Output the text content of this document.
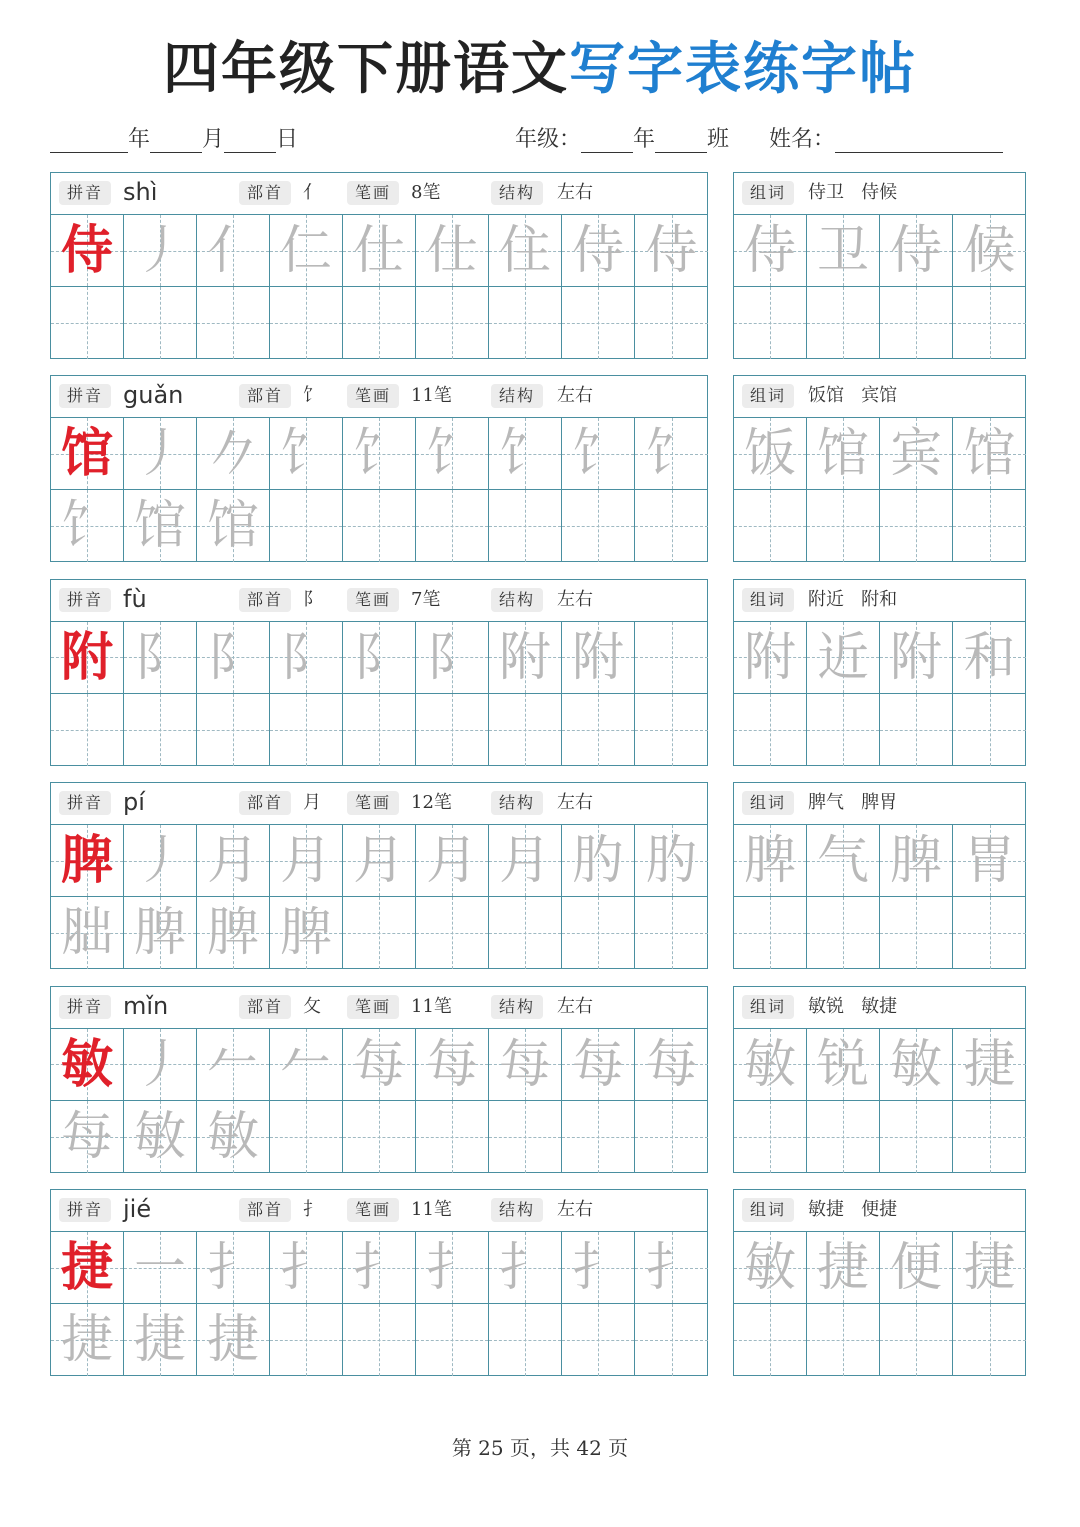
四年级下册语文写字表练字帖
年 月 日	年级： 年 班 姓名：
拼音 shì	部首	亻	笔画	8笔	结构	左右
侍 丿 亻 仁 仕 仕 住 侍 侍
组词	侍卫   侍候
侍 卫 侍 候
拼音 guǎn	部首	饣	笔画	11笔	结构	左右
馆 丿 𠂊 饣 饣 饣 饣 饣 饣
饣 馆 馆
组词	饭馆   宾馆
饭 馆 宾 馆
拼音 fù	部首	阝	笔画	7笔	结构	左右
附 阝 阝 阝 阝 阝 附 附
组词	附近   附和
附 近 附 和
拼音 pí	部首	月	笔画	12笔	结构	左右
脾 丿 月 月 月 月 月 肑 肑
胐 脾 脾 脾
组词	脾气   脾胃
脾 气 脾 胃
拼音 mǐn	部首	攵	笔画	11笔	结构	左右
敏 丿 𠂉 𠂉 每 每 每 每 每
每 敏 敏
组词	敏锐   敏捷
敏 锐 敏 捷
拼音 jié	部首	扌	笔画	11笔	结构	左右
捷 一 扌 扌 扌 扌 扌 扌 扌
捷 捷 捷
组词	敏捷   便捷
敏 捷 便 捷
第 25 页，共 42 页
